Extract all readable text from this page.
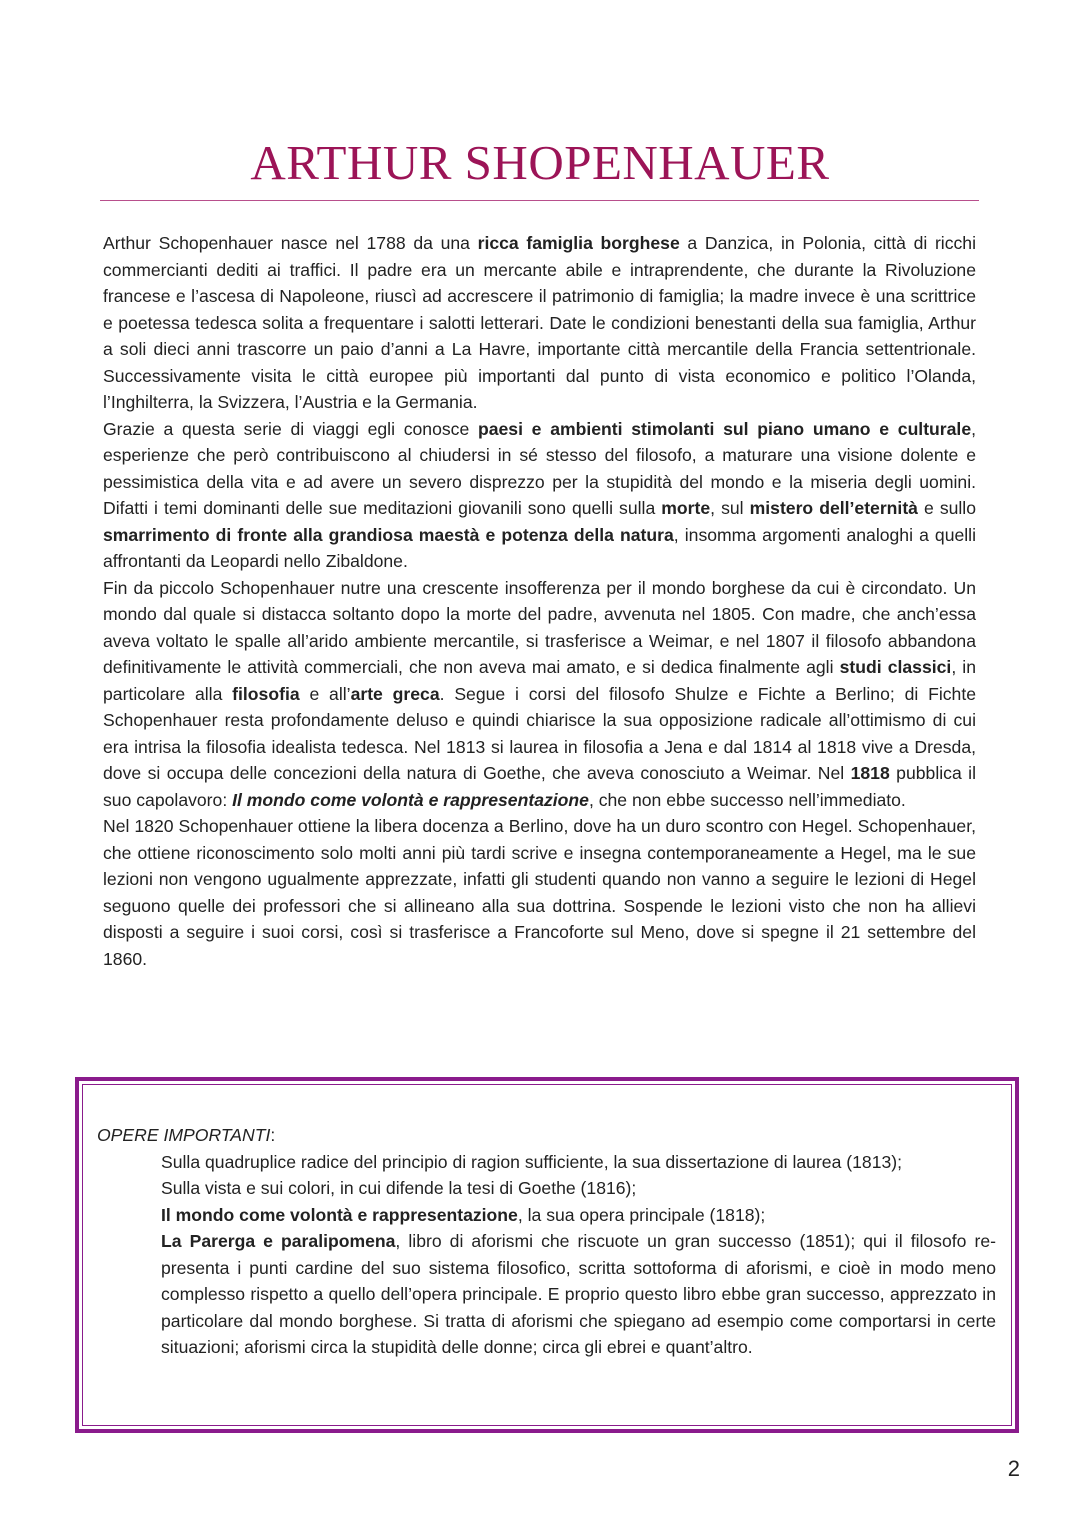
ARTHUR SHOPENHAUER

Arthur Schopenhauer nasce nel 1788 da una ricca famiglia borghese a Danzica, in Polonia, città di ricchi commercianti dediti ai traffici. Il padre era un mercante abile e intraprendente, che durante la Rivoluzione francese e l’ascesa di Napoleone, riuscì ad accrescere il patrimonio di famiglia; la madre invece è una scrittrice e poetessa tedesca solita a frequentare i salotti letterari. Date le condizioni benestanti della sua famiglia, Arthur a soli dieci anni trascorre un paio d’anni a La Havre, importante città mercantile della Francia settentrionale. Successivamente visita le città europee più importanti dal punto di vista economico e politico l’Olanda, l’Inghilterra, la Svizzera, l’Austria e la Germania.

Grazie a questa serie di viaggi egli conosce paesi e ambienti stimolanti sul piano umano e culturale, esperienze che però contribuiscono al chiudersi in sé stesso del filosofo, a maturare una visione dolente e pessimistica della vita e ad avere un severo disprezzo per la stupidità del mondo e la miseria degli uomini. Difatti i temi dominanti delle sue meditazioni giovanili sono quelli sulla morte, sul mistero dell’eternità e sullo smarrimento di fronte alla grandiosa maestà e potenza della natura, insomma argomenti analoghi a quelli affrontanti da Leopardi nello Zibaldone.

Fin da piccolo Schopenhauer nutre una crescente insofferenza per il mondo borghese da cui è circondato. Un mondo dal quale si distacca soltanto dopo la morte del padre, avvenuta nel 1805. Con madre, che anch’essa aveva voltato le spalle all’arido ambiente mercantile, si trasferisce a Weimar, e nel 1807 il filosofo abbandona definitivamente le attività commerciali, che non aveva mai amato, e si dedica finalmente agli studi classici, in particolare alla filosofia e all’arte greca. Segue i corsi del filosofo Shulze e Fichte a Berlino; di Fichte Schopenhauer resta profondamente deluso e quindi chiarisce la sua opposizione radicale all’ottimismo di cui era intrisa la filosofia idealista tedesca. Nel 1813 si laurea in filosofia a Jena e dal 1814 al 1818 vive a Dresda, dove si occupa delle concezioni della natura di Goethe, che aveva conosciuto a Weimar. Nel 1818 pubblica il suo capolavoro: Il mondo come volontà e rappresentazione, che non ebbe successo nell’immediato.

Nel 1820 Schopenhauer ottiene la libera docenza a Berlino, dove ha un duro scontro con Hegel. Schopenhauer, che ottiene riconoscimento solo molti anni più tardi scrive e insegna contemporaneamente a Hegel, ma le sue lezioni non vengono ugualmente apprezzate, infatti gli studenti quando non vanno a seguire le lezioni di Hegel seguono quelle dei professori che si allineano alla sua dottrina. Sospende le lezioni visto che non ha allievi disposti a seguire i suoi corsi, così si trasferisce a Francoforte sul Meno, dove si spegne il 21 settembre del 1860.

OPERE IMPORTANTI:

Sulla quadruplice radice del principio di ragion sufficiente, la sua dissertazione di laurea (1813);
Sulla vista e sui colori, in cui difende la tesi di Goethe (1816);
Il mondo come volontà e rappresentazione, la sua opera principale (1818);
La Parerga e paralipomena, libro di aforismi che riscuote un gran successo (1851); qui il filosofo re-presenta i punti cardine del suo sistema filosofico, scritta sottoforma di aforismi, e cioè in modo meno complesso rispetto a quello dell’opera principale. E proprio questo libro ebbe gran successo, apprezzato in particolare dal mondo borghese. Si tratta di aforismi che spiegano ad esempio come comportarsi in certe situazioni; aforismi circa la stupidità delle donne; circa gli ebrei e quant’altro.
2
